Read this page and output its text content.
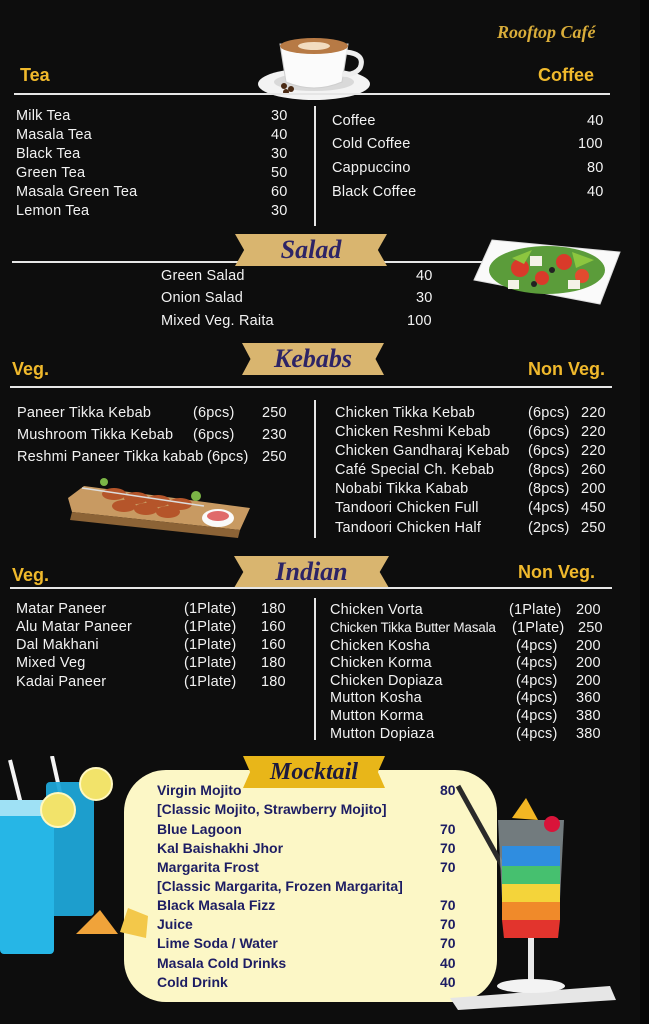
Rooftop Café
Tea	Coffee
Milk Tea	30
Masala Tea	40
Black Tea	30
Green Tea	50
Masala Green Tea	60
Lemon Tea	30
Coffee	40
Cold Coffee	100
Cappuccino	80
Black Coffee	40
Salad
Green Salad	40
Onion Salad	30
Mixed Veg. Raita	100
Kebabs
Veg.	Non Veg.
Paneer Tikka Kebab	(6pcs) 250
Mushroom Tikka Kebab (6pcs) 230
Reshmi Paneer Tikka kabab (6pcs) 250
Chicken Tikka Kebab	(6pcs) 220
Chicken Reshmi Kebab	(6pcs) 220
Chicken Gandharaj Kebab (6pcs) 220
Café Special Ch. Kebab (8pcs) 260
Nobabi Tikka Kabab	(8pcs) 200
Tandoori Chicken Full	(4pcs) 450
Tandoori Chicken Half	(2pcs) 250
Indian
Veg.	Non Veg.
Matar Paneer	(1Plate) 180
Alu Matar Paneer	(1Plate) 160
Dal Makhani	(1Plate) 160
Mixed Veg	(1Plate) 180
Kadai Paneer	(1Plate) 180
Chicken Vorta	(1Plate) 200
Chicken Tikka Butter Masala (1Plate) 250
Chicken Kosha	(4pcs) 200
Chicken Korma	(4pcs) 200
Chicken Dopiaza	(4pcs) 200
Mutton Kosha	(4pcs) 360
Mutton Korma	(4pcs) 380
Mutton Dopiaza	(4pcs) 380
Mocktail
Virgin Mojito	80
[Classic Mojito, Strawberry Mojito]
Blue Lagoon	70
Kal Baishakhi Jhor	70
Margarita Frost	70
[Classic Margarita, Frozen Margarita]
Black Masala Fizz	70
Juice	70
Lime Soda / Water	70
Masala Cold Drinks	40
Cold Drink	40
